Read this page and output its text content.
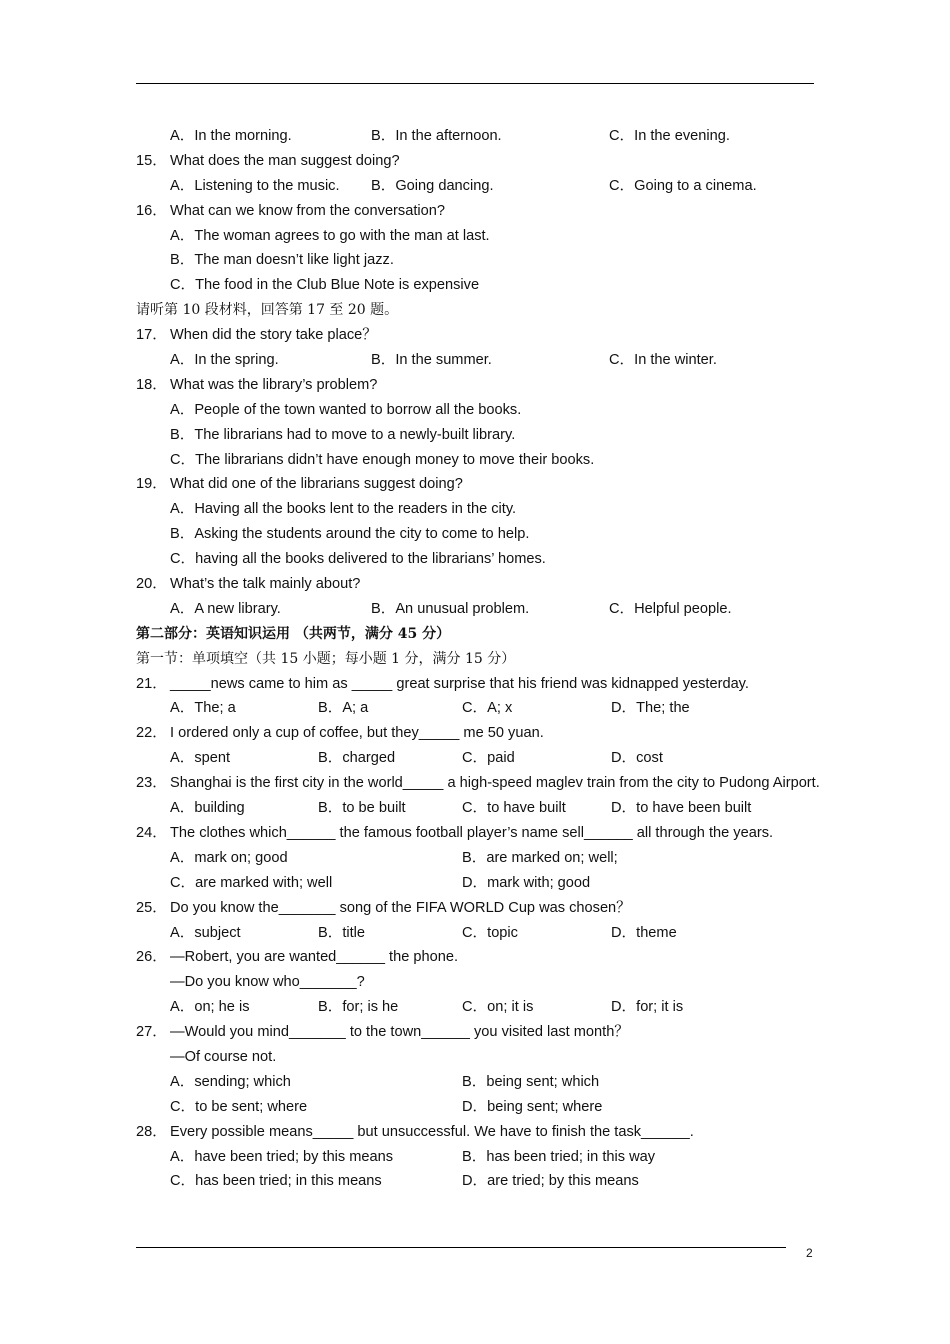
A．In the morning.	B．In the afternoon.	C．In the evening.
15． What does the man suggest doing?
A．Listening to the music. B．Going dancing.	C．Going to a cinema.
16． What can we know from the conversation?
A．The woman agrees to go with the man at last.
B．The man doesn’t like light jazz.
C．The food in the Club Blue Note is expensive
请听第 10 段材料，回答第 17 至 20 题。
17． When did the story take place？
A．In the spring.	B．In the summer.	C．In the winter.
18． What was the library’s problem?
A．People of the town wanted to borrow all the books.
B．The librarians had to move to a newly-built library.
C．The librarians didn’t have enough money to move their books.
19． What did one of the librarians suggest doing?
A．Having all the books lent to the readers in the city.
B．Asking the students around the city to come to help.
C．having all the books delivered to the librarians’ homes.
20． What’s the talk mainly about?
A．A new library.	B．An unusual problem.	C．Helpful people.
第二部分：英语知识运用 （共两节，满分 45 分）
第一节：单项填空（共 15 小题；每小题 1 分，满分 15 分）
21． _____news came to him as _____ great surprise that his friend was kidnapped yesterday.
A．The; a	B．A; a	C．A; x	D．The; the
22． I ordered only a cup of coffee, but they_____ me 50 yuan.
A．spent	B．charged	C．paid	D．cost
23． Shanghai is the first city in the world_____ a high-speed maglev train from the city to Pudong Airport.
A．building	B．to be built	C．to have built	D．to have been built
24． The clothes which______ the famous football player’s name sell______ all through the years.
A．mark on; good	B．are marked on; well;
C．are marked with; well	D．mark with; good
25． Do you know the_______ song of the FIFA WORLD Cup was chosen？
A．subject	B．title	C．topic	D．theme
26． —Robert, you are wanted______ the phone.
—Do you know who_______?
A．on; he is	B．for; is he	C．on; it is	D．for; it is
27． —Would you mind_______ to the town______ you visited last month？
—Of course not.
A．sending; which	B．being sent; which
C．to be sent; where	D．being sent; where
28． Every possible means_____ but unsuccessful. We have to finish the task______.
A．have been tried; by this means	B．has been tried; in this way
C．has been tried; in this means	D．are tried; by this means
2
